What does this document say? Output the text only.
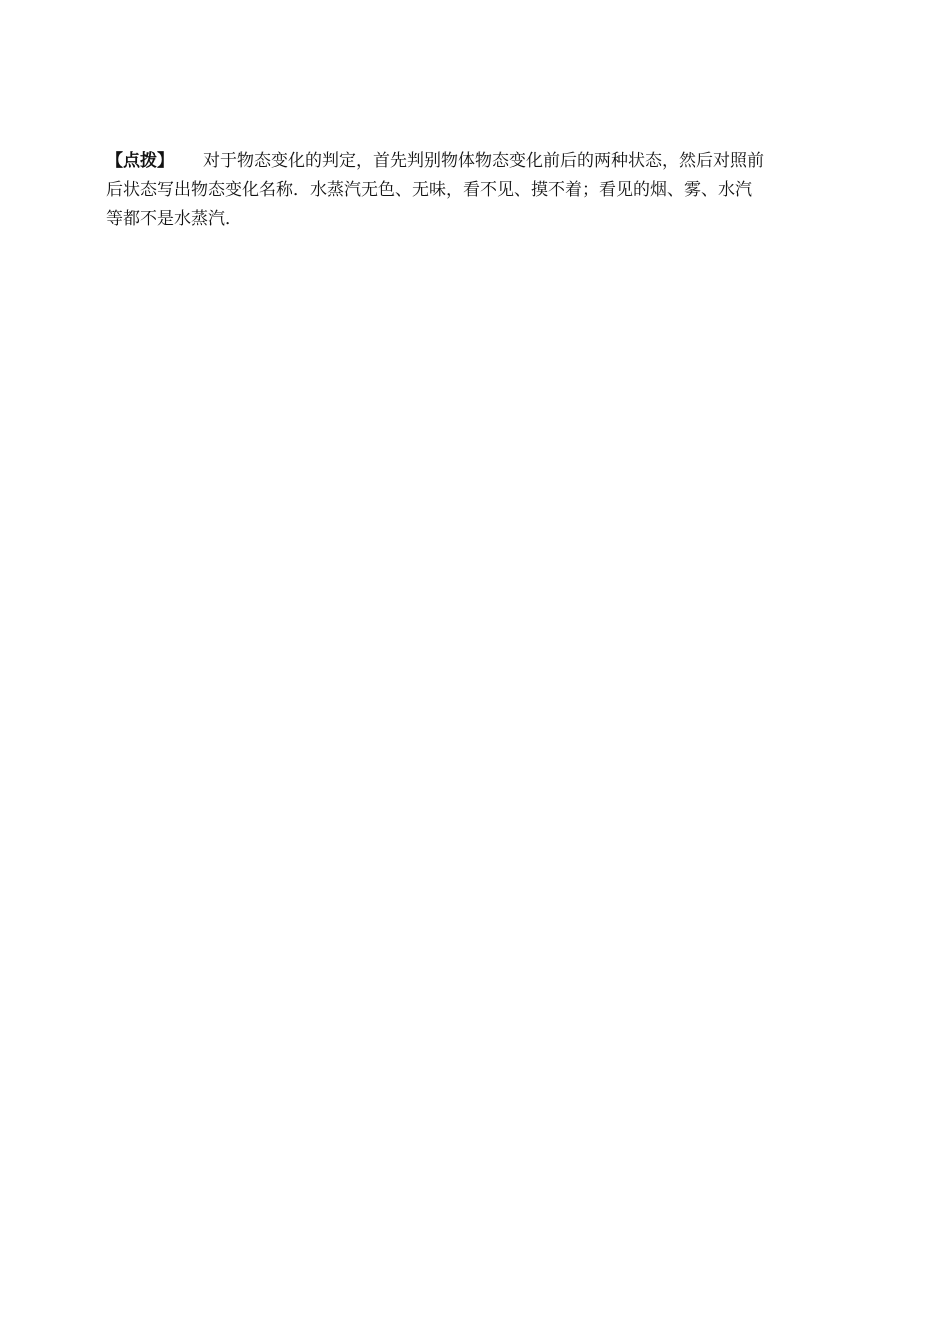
【点拨】 对于物态变化的判定，首先判别物体物态变化前后的两种状态，然后对照前
后状态写出物态变化名称．水蒸汽无色、无味，看不见、摸不着；看见的烟、雾、水汽
等都不是水蒸汽．
